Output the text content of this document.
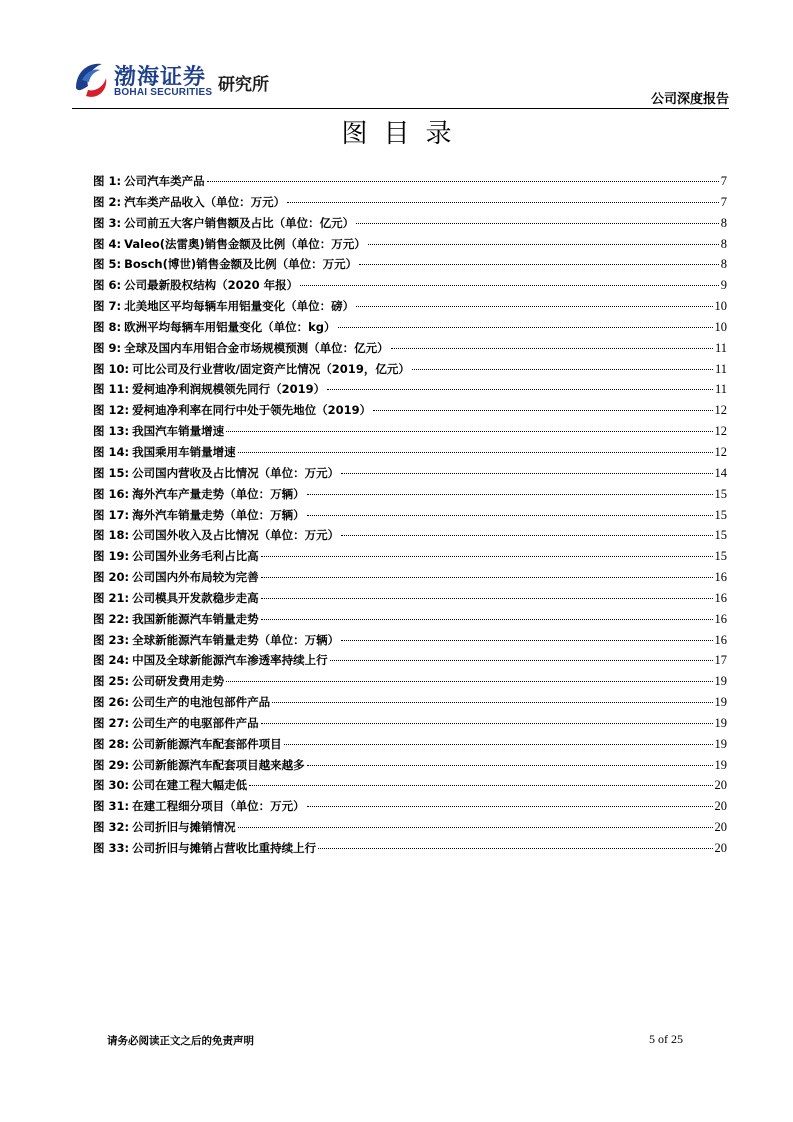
渤海证券
BOHAI SECURITIES 研究所
公司深度报告
图目录
图 1: 公司汽车类产品	7
图 2: 汽车类产品收入（单位：万元）	7
图 3: 公司前五大客户销售额及占比（单位：亿元）	8
图 4: Valeo(法雷奥)销售金额及比例（单位：万元）	8
图 5: Bosch(博世)销售金额及比例（单位：万元）	8
图 6: 公司最新股权结构（2020 年报）	9
图 7: 北美地区平均每辆车用铝量变化（单位：磅）	10
图 8: 欧洲平均每辆车用铝量变化（单位：kg）	10
图 9: 全球及国内车用铝合金市场规模预测（单位：亿元）	11
图 10: 可比公司及行业营收/固定资产比情况（2019，亿元）	11
图 11: 爱柯迪净利润规模领先同行（2019）	11
图 12: 爱柯迪净利率在同行中处于领先地位（2019）	12
图 13: 我国汽车销量增速	12
图 14: 我国乘用车销量增速	12
图 15: 公司国内营收及占比情况（单位：万元）	14
图 16: 海外汽车产量走势（单位：万辆）	15
图 17: 海外汽车销量走势（单位：万辆）	15
图 18: 公司国外收入及占比情况（单位：万元）	15
图 19: 公司国外业务毛利占比高	15
图 20: 公司国内外布局较为完善	16
图 21: 公司模具开发款稳步走高	16
图 22: 我国新能源汽车销量走势	16
图 23: 全球新能源汽车销量走势（单位：万辆）	16
图 24: 中国及全球新能源汽车渗透率持续上行	17
图 25: 公司研发费用走势	19
图 26: 公司生产的电池包部件产品	19
图 27: 公司生产的电驱部件产品	19
图 28: 公司新能源汽车配套部件项目	19
图 29: 公司新能源汽车配套项目越来越多	19
图 30: 公司在建工程大幅走低	20
图 31: 在建工程细分项目（单位：万元）	20
图 32: 公司折旧与摊销情况	20
图 33: 公司折旧与摊销占营收比重持续上行	20
请务必阅读正文之后的免责声明	5 of 25
